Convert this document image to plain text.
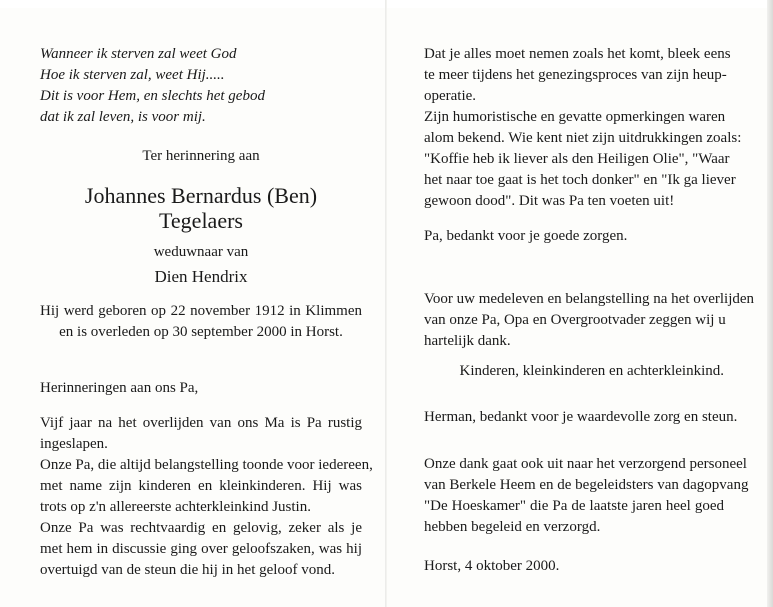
Wanneer ik sterven zal weet God
Hoe ik sterven zal, weet Hij.....
Dit is voor Hem, en slechts het gebod
dat ik zal leven, is voor mij.
Ter herinnering aan
Johannes Bernardus (Ben)
Tegelaers
weduwnaar van
Dien Hendrix
Hij werd geboren op 22 november 1912 in Klimmen
en is overleden op 30 september 2000 in Horst.
Herinneringen aan ons Pa,
Vijf jaar na het overlijden van ons Ma is Pa rustig
ingeslapen.
Onze Pa, die altijd belangstelling toonde voor iedereen,
met name zijn kinderen en kleinkinderen. Hij was
trots op z'n allereerste achterkleinkind Justin.
Onze Pa was rechtvaardig en gelovig, zeker als je
met hem in discussie ging over geloofszaken, was hij
overtuigd van de steun die hij in het geloof vond.
Dat je alles moet nemen zoals het komt, bleek eens
te meer tijdens het genezingsproces van zijn heup-
operatie.
Zijn humoristische en gevatte opmerkingen waren
alom bekend. Wie kent niet zijn uitdrukkingen zoals:
"Koffie heb ik liever als den Heiligen Olie", "Waar
het naar toe gaat is het toch donker" en "Ik ga liever
gewoon dood". Dit was Pa ten voeten uit!
Pa, bedankt voor je goede zorgen.
Voor uw medeleven en belangstelling na het overlijden
van onze Pa, Opa en Overgrootvader zeggen wij u
hartelijk dank.
Kinderen, kleinkinderen en achterkleinkind.
Herman, bedankt voor je waardevolle zorg en steun.
Onze dank gaat ook uit naar het verzorgend personeel
van Berkele Heem en de begeleidsters van dagopvang
"De Hoeskamer" die Pa de laatste jaren heel goed
hebben begeleid en verzorgd.
Horst, 4 oktober 2000.
